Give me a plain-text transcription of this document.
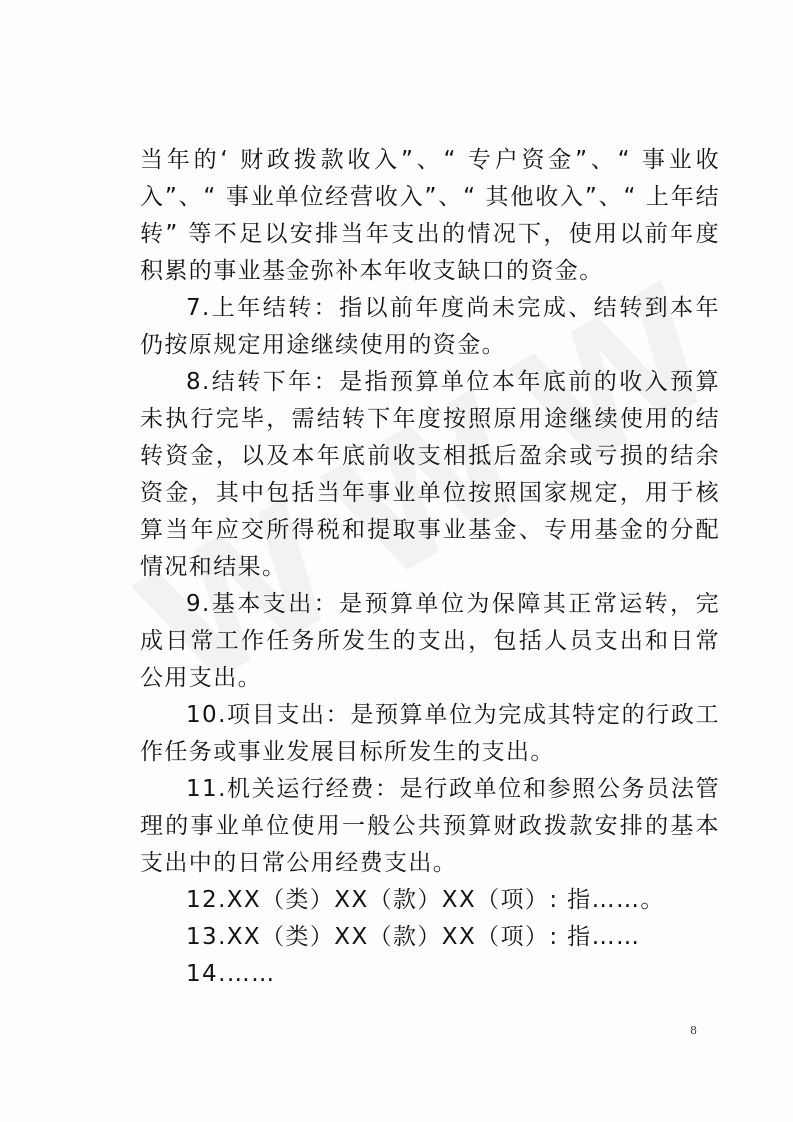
当年的‘ 财政拨款收入”、“ 专户资金”、“ 事业收入”、“ 事业单位经营收入”、“ 其他收入”、“ 上年结转” 等不足以安排当年支出的情况下，使用以前年度积累的事业基金弥补本年收支缺口的资金。

7.上年结转：指以前年度尚未完成、结转到本年仍按原规定用途继续使用的资金。

8.结转下年：是指预算单位本年底前的收入预算未执行完毕，需结转下年度按照原用途继续使用的结转资金，以及本年底前收支相抵后盈余或亏损的结余资金，其中包括当年事业单位按照国家规定，用于核算当年应交所得税和提取事业基金、专用基金的分配情况和结果。

9.基本支出：是预算单位为保障其正常运转，完成日常工作任务所发生的支出，包括人员支出和日常公用支出。

10.项目支出：是预算单位为完成其特定的行政工作任务或事业发展目标所发生的支出。

11.机关运行经费：是行政单位和参照公务员法管理的事业单位使用一般公共预算财政拨款安排的基本支出中的日常公用经费支出。

12.XX（类）XX（款）XX（项）: 指……。

13.XX（类）XX（款）XX（项）: 指……

14.……

8
